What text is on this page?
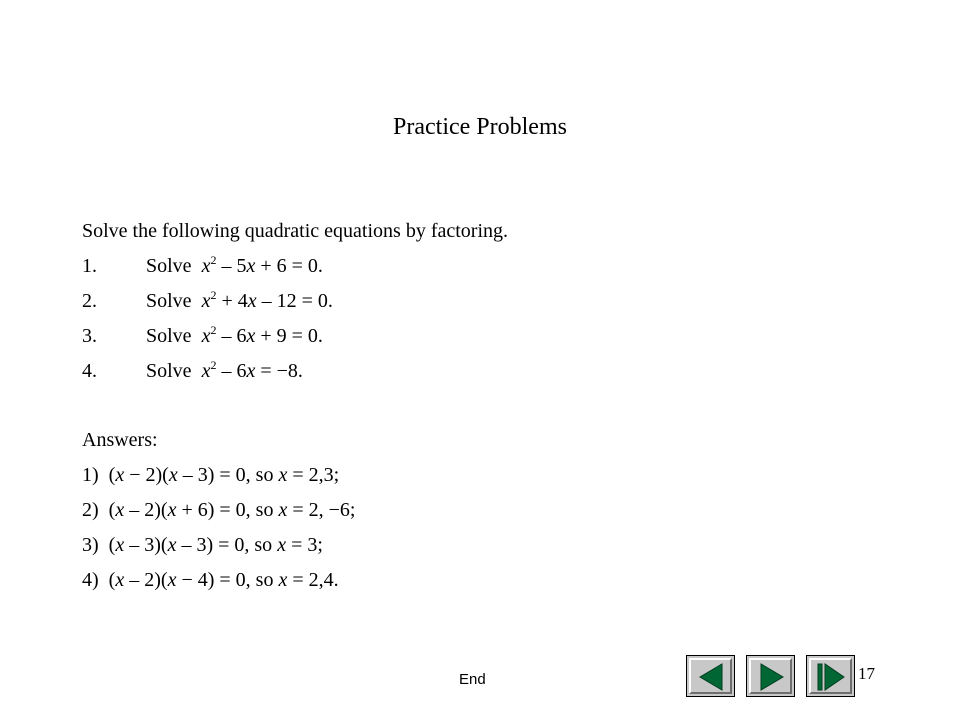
Practice Problems
Solve the following quadratic equations by factoring.
1. Solve $x^2 - 5x + 6 = 0$.
2. Solve $x^2 + 4x - 12 = 0$.
3. Solve $x^2 - 6x + 9 = 0$.
4. Solve $x^2 - 6x = -8$.
Answers:
1)  (x − 2)(x – 3) = 0, so x = 2,3;
2)  (x – 2)(x + 6) = 0, so x = 2, −6;
3)  (x – 3)(x – 3) = 0, so x = 3;
4)  (x – 2)(x − 4) = 0, so x = 2,4.
End	17
